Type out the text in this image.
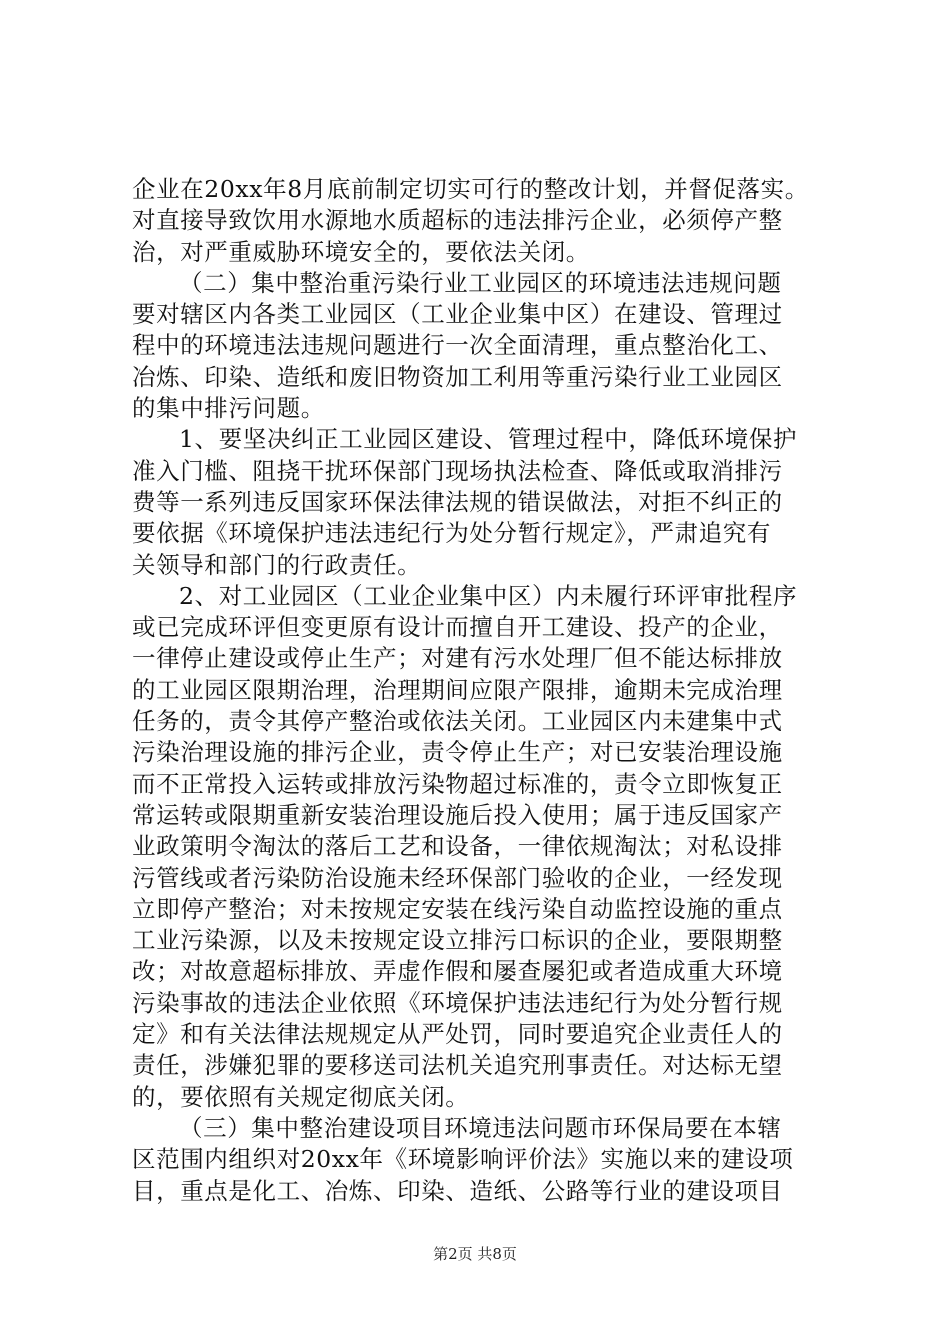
企业在20xx年8月底前制定切实可行的整改计划，并督促落实。
对直接导致饮用水源地水质超标的违法排污企业，必须停产整
治，对严重威胁环境安全的，要依法关闭。
（二）集中整治重污染行业工业园区的环境违法违规问题
要对辖区内各类工业园区（工业企业集中区）在建设、管理过
程中的环境违法违规问题进行一次全面清理，重点整治化工、
冶炼、印染、造纸和废旧物资加工利用等重污染行业工业园区
的集中排污问题。
1、要坚决纠正工业园区建设、管理过程中，降低环境保护
准入门槛、阻挠干扰环保部门现场执法检查、降低或取消排污
费等一系列违反国家环保法律法规的错误做法，对拒不纠正的
要依据《环境保护违法违纪行为处分暂行规定》，严肃追究有
关领导和部门的行政责任。
2、对工业园区（工业企业集中区）内未履行环评审批程序
或已完成环评但变更原有设计而擅自开工建设、投产的企业，
一律停止建设或停止生产；对建有污水处理厂但不能达标排放
的工业园区限期治理，治理期间应限产限排，逾期未完成治理
任务的，责令其停产整治或依法关闭。工业园区内未建集中式
污染治理设施的排污企业，责令停止生产；对已安装治理设施
而不正常投入运转或排放污染物超过标准的，责令立即恢复正
常运转或限期重新安装治理设施后投入使用；属于违反国家产
业政策明令淘汰的落后工艺和设备，一律依规淘汰；对私设排
污管线或者污染防治设施未经环保部门验收的企业，一经发现
立即停产整治；对未按规定安装在线污染自动监控设施的重点
工业污染源，以及未按规定设立排污口标识的企业，要限期整
改；对故意超标排放、弄虚作假和屡查屡犯或者造成重大环境
污染事故的违法企业依照《环境保护违法违纪行为处分暂行规
定》和有关法律法规规定从严处罚，同时要追究企业责任人的
责任，涉嫌犯罪的要移送司法机关追究刑事责任。对达标无望
的，要依照有关规定彻底关闭。
（三）集中整治建设项目环境违法问题市环保局要在本辖
区范围内组织对20xx年《环境影响评价法》实施以来的建设项
目，重点是化工、冶炼、印染、造纸、公路等行业的建设项目
第2页 共8页
